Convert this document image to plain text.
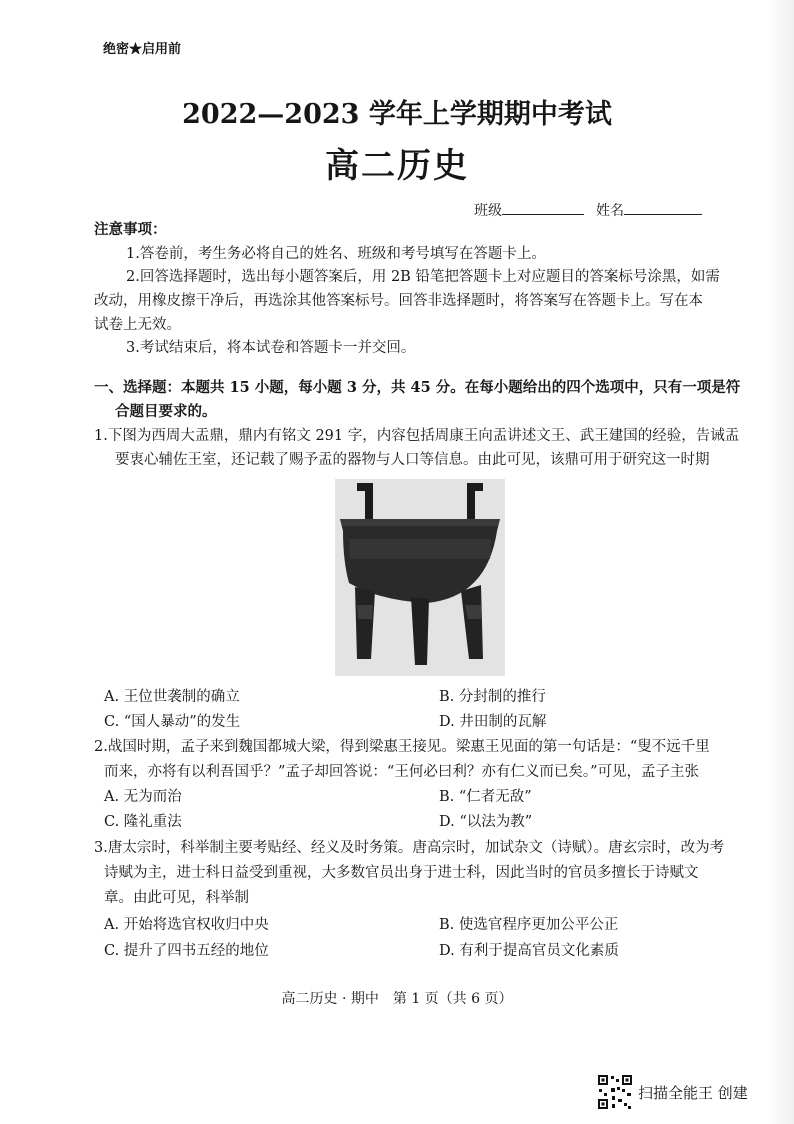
绝密★启用前
2022—2023 学年上学期期中考试
高二历史
班级	姓名
注意事项：
1.答卷前，考生务必将自己的姓名、班级和考号填写在答题卡上。
2.回答选择题时，选出每小题答案后，用 2B 铅笔把答题卡上对应题目的答案标号涂黑，如需
改动，用橡皮擦干净后，再选涂其他答案标号。回答非选择题时，将答案写在答题卡上。写在本
试卷上无效。
3.考试结束后，将本试卷和答题卡一并交回。
一、选择题：本题共 15 小题，每小题 3 分，共 45 分。在每小题给出的四个选项中，只有一项是符
合题目要求的。
1.下图为西周大盂鼎，鼎内有铭文 291 字，内容包括周康王向盂讲述文王、武王建国的经验，告诫盂
要衷心辅佐王室，还记载了赐予盂的器物与人口等信息。由此可见，该鼎可用于研究这一时期
A. 王位世袭制的确立	B. 分封制的推行
C. “国人暴动”的发生	D. 井田制的瓦解
2.战国时期，孟子来到魏国都城大梁，得到梁惠王接见。梁惠王见面的第一句话是：“叟不远千里
而来，亦将有以利吾国乎？”孟子却回答说：“王何必曰利？亦有仁义而已矣。”可见，孟子主张
A. 无为而治	B. “仁者无敌”
C. 隆礼重法	D. “以法为教”
3.唐太宗时，科举制主要考贴经、经义及时务策。唐高宗时，加试杂文（诗赋）。唐玄宗时，改为考
诗赋为主，进士科日益受到重视，大多数官员出身于进士科，因此当时的官员多擅长于诗赋文
章。由此可见，科举制
A. 开始将选官权收归中央	B. 使选官程序更加公平公正
C. 提升了四书五经的地位	D. 有利于提高官员文化素质
高二历史 · 期中　第 1 页（共 6 页）
扫描全能王 创建
